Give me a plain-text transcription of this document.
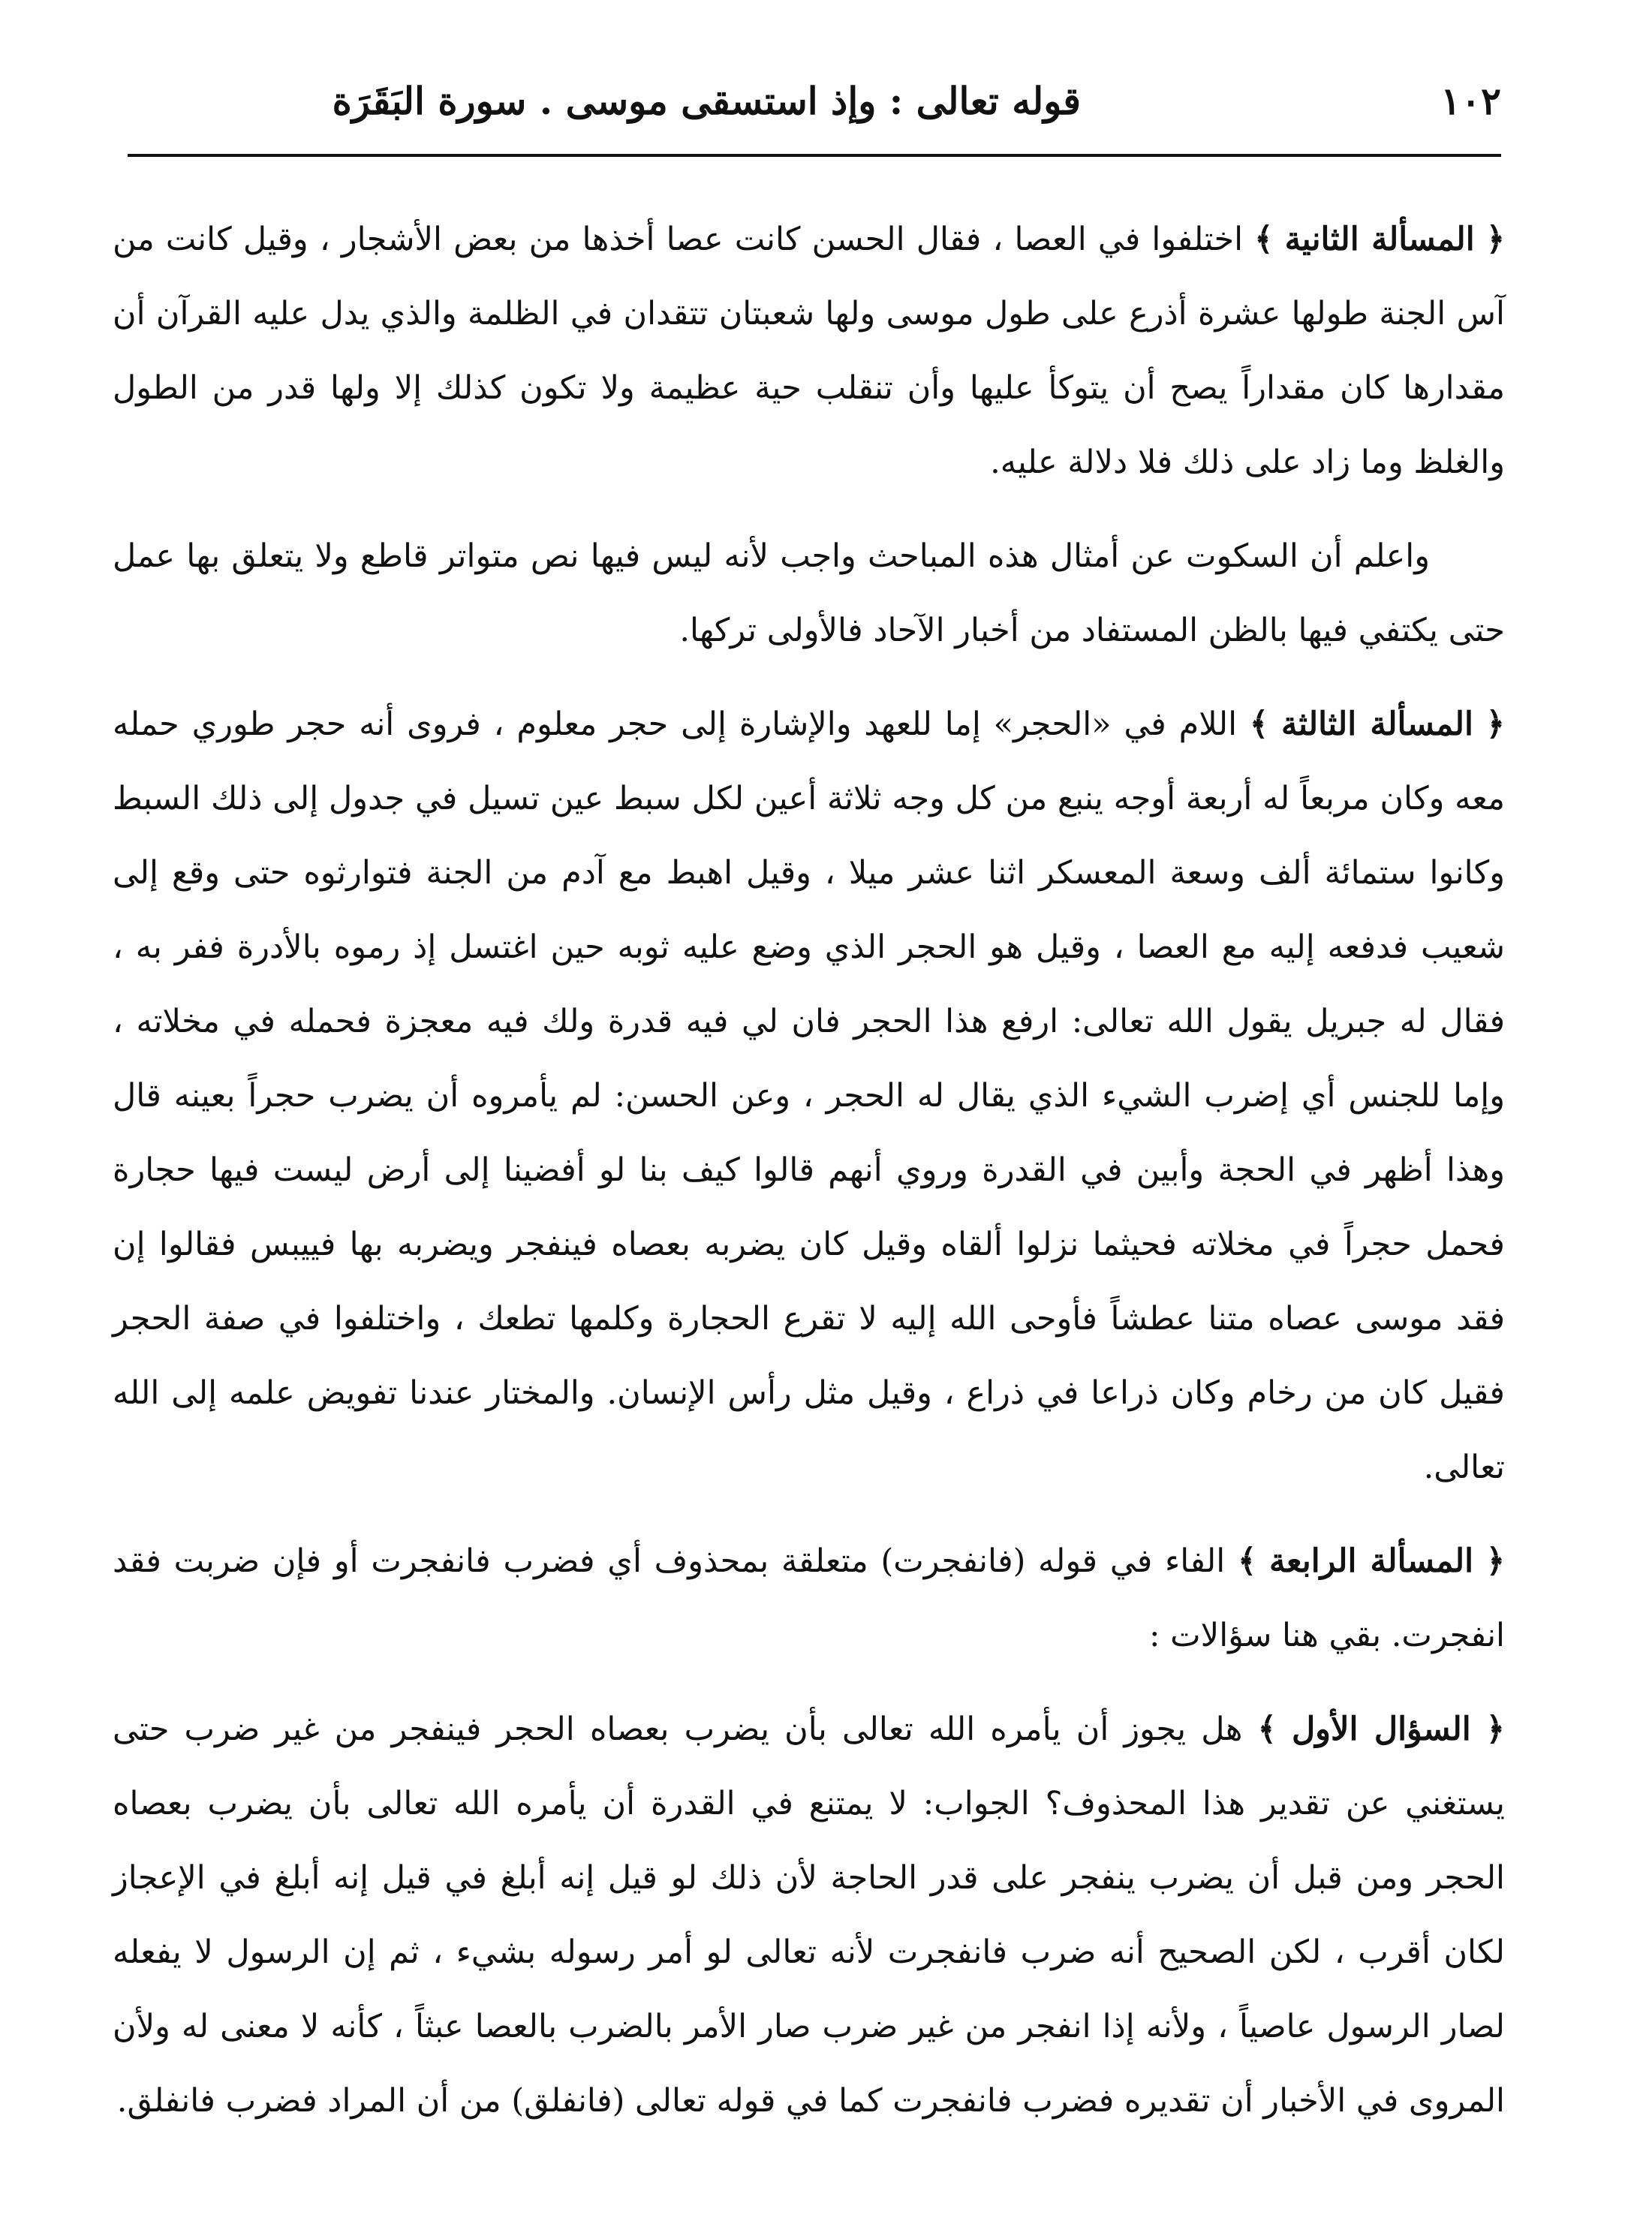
١٠٢
قوله تعالى : وإذ استسقى موسى . سورة البَقَرَة

﴿ المسألة الثانية ﴾ اختلفوا في العصا ، فقال الحسن كانت عصا أخذها من بعض الأشجار ، وقيل كانت من آس الجنة طولها عشرة أذرع على طول موسى ولها شعبتان تتقدان في الظلمة والذي يدل عليه القرآن أن مقدارها كان مقداراً يصح أن يتوكأ عليها وأن تنقلب حية عظيمة ولا تكون كذلك إلا ولها قدر من الطول والغلظ وما زاد على ذلك فلا دلالة عليه.

واعلم أن السكوت عن أمثال هذه المباحث واجب لأنه ليس فيها نص متواتر قاطع ولا يتعلق بها عمل حتى يكتفي فيها بالظن المستفاد من أخبار الآحاد فالأولى تركها.

﴿ المسألة الثالثة ﴾ اللام في «الحجر» إما للعهد والإشارة إلى حجر معلوم ، فروى أنه حجر طوري حمله معه وكان مربعاً له أربعة أوجه ينبع من كل وجه ثلاثة أعين لكل سبط عين تسيل في جدول إلى ذلك السبط وكانوا ستمائة ألف وسعة المعسكر اثنا عشر ميلا ، وقيل اهبط مع آدم من الجنة فتوارثوه حتى وقع إلى شعيب فدفعه إليه مع العصا ، وقيل هو الحجر الذي وضع عليه ثوبه حين اغتسل إذ رموه بالأدرة ففر به ، فقال له جبريل يقول الله تعالى: ارفع هذا الحجر فان لي فيه قدرة ولك فيه معجزة فحمله في مخلاته ، وإما للجنس أي إضرب الشيء الذي يقال له الحجر ، وعن الحسن: لم يأمروه أن يضرب حجراً بعينه قال وهذا أظهر في الحجة وأبين في القدرة وروي أنهم قالوا كيف بنا لو أفضينا إلى أرض ليست فيها حجارة فحمل حجراً في مخلاته فحيثما نزلوا ألقاه وقيل كان يضربه بعصاه فينفجر ويضربه بها فييبس فقالوا إن فقد موسى عصاه متنا عطشاً فأوحى الله إليه لا تقرع الحجارة وكلمها تطعك ، واختلفوا في صفة الحجر فقيل كان من رخام وكان ذراعا في ذراع ، وقيل مثل رأس الإنسان. والمختار عندنا تفويض علمه إلى الله تعالى.

﴿ المسألة الرابعة ﴾ الفاء في قوله (فانفجرت) متعلقة بمحذوف أي فضرب فانفجرت أو فإن ضربت فقد انفجرت. بقي هنا سؤالات :

﴿ السؤال الأول ﴾ هل يجوز أن يأمره الله تعالى بأن يضرب بعصاه الحجر فينفجر من غير ضرب حتى يستغني عن تقدير هذا المحذوف؟ الجواب: لا يمتنع في القدرة أن يأمره الله تعالى بأن يضرب بعصاه الحجر ومن قبل أن يضرب ينفجر على قدر الحاجة لأن ذلك لو قيل إنه أبلغ في قيل إنه أبلغ في الإعجاز لكان أقرب ، لكن الصحيح أنه ضرب فانفجرت لأنه تعالى لو أمر رسوله بشيء ، ثم إن الرسول لا يفعله لصار الرسول عاصياً ، ولأنه إذا انفجر من غير ضرب صار الأمر بالضرب بالعصا عبثاً ، كأنه لا معنى له ولأن المروى في الأخبار أن تقديره فضرب فانفجرت كما في قوله تعالى (فانفلق) من أن المراد فضرب فانفلق.
